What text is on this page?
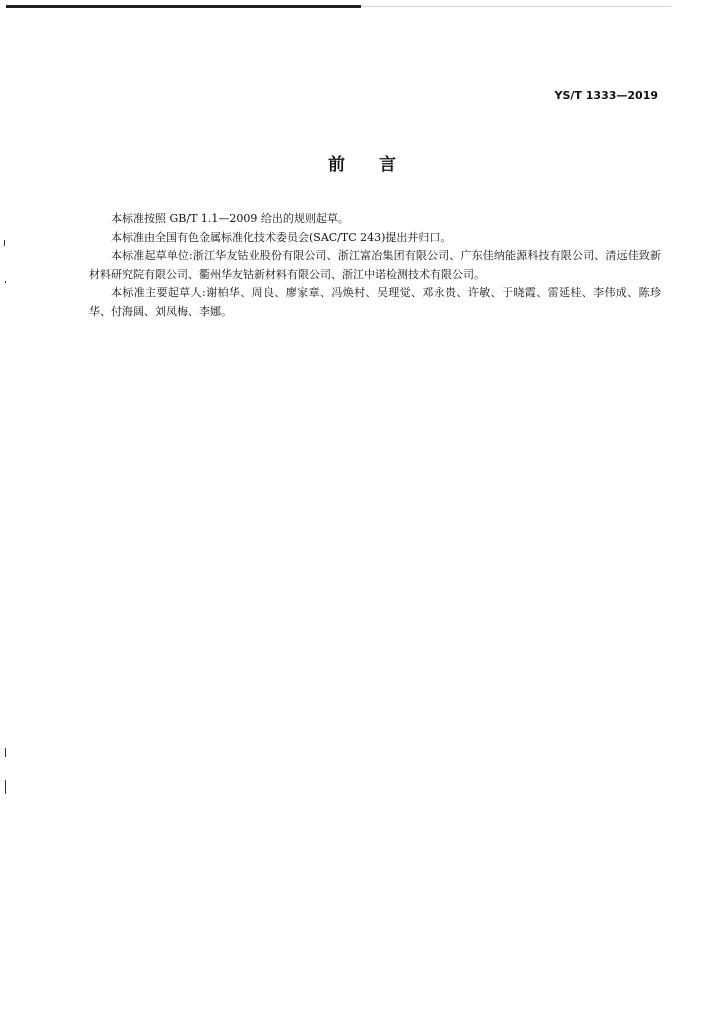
YS/T 1333—2019
前　　言

本标准按照 GB/T 1.1—2009 给出的规则起草。

本标准由全国有色金属标准化技术委员会(SAC/TC 243)提出并归口。

本标准起草单位:浙江华友钴业股份有限公司、浙江富冶集团有限公司、广东佳纳能源科技有限公司、清远佳致新材料研究院有限公司、衢州华友钴新材料有限公司、浙江中诺检测技术有限公司。

本标准主要起草人:谢柏华、周良、廖家章、冯焕村、吴理觉、邓永贵、许敏、于晓霞、雷延桂、李伟成、陈珍华、付海阔、刘凤梅、李娜。
